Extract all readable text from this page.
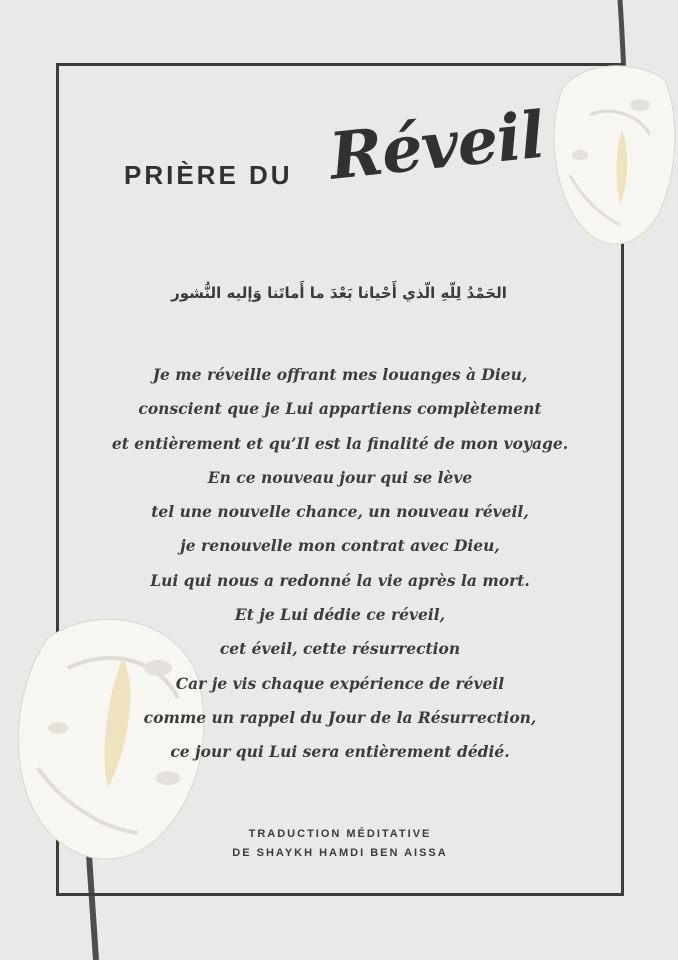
PRIÈRE DU Réveil
الحَمْدُ لِلّهِ الّذي أَحْيانا بَعْدَ ما أَماتَنا وَإليه النُّشور
Je me réveille offrant mes louanges à Dieu,
conscient que je Lui appartiens complètement
et entièrement et qu’Il est la finalité de mon voyage.
En ce nouveau jour qui se lève
tel une nouvelle chance, un nouveau réveil,
je renouvelle mon contrat avec Dieu,
Lui qui nous a redonné la vie après la mort.
Et je Lui dédie ce réveil,
cet éveil, cette résurrection
Car je vis chaque expérience de réveil
comme un rappel du Jour de la Résurrection,
ce jour qui Lui sera entièrement dédié.
TRADUCTION MÉDITATIVE
DE SHAYKH HAMDI BEN AISSA
